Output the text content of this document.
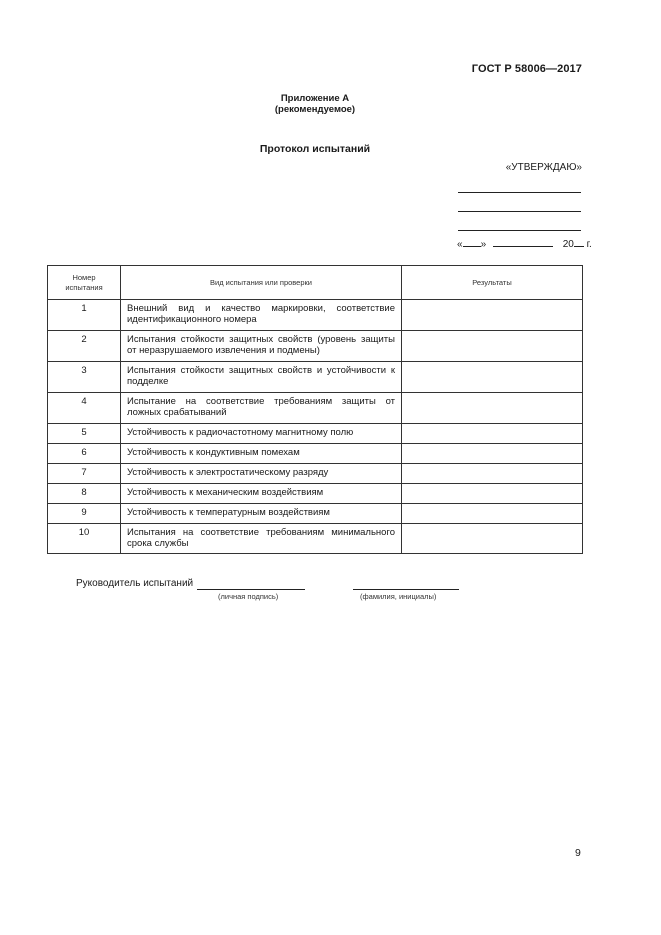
ГОСТ Р 58006—2017
Приложение А
(рекомендуемое)
Протокол испытаний
«УТВЕРЖДАЮ»
« »	20 г.
Номер испытания	Вид испытания или проверки	Результаты
1	Внешний вид и качество маркировки, соответствие идентификационного номера	
2	Испытания стойкости защитных свойств (уровень защиты от неразрушаемого извлечения и подмены)	
3	Испытания стойкости защитных свойств и устойчивости к подделке	
4	Испытание на соответствие требованиям защиты от ложных срабатываний	
5	Устойчивость к радиочастотному магнитному полю	
6	Устойчивость к кондуктивным помехам	
7	Устойчивость к электростатическому разряду	
8	Устойчивость к механическим воздействиям	
9	Устойчивость к температурным воздействиям	
10	Испытания на соответствие требованиям минимального срока службы	
Руководитель испытаний
(личная подпись)	(фамилия, инициалы)
9
